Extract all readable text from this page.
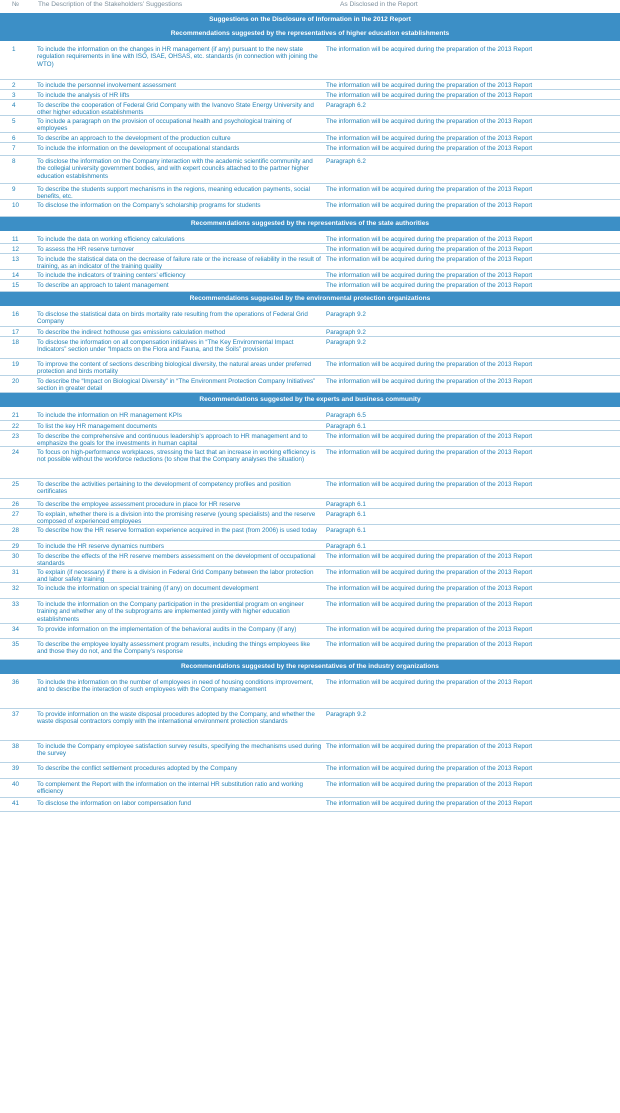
№	The Description of the Stakeholders’ Suggestions	As Disclosed in the Report
Suggestions on the Disclosure of Information in the 2012 Report
Recommendations suggested by the representatives of higher education establishments
1	To include the information on the changes in HR management (if any) pursuant to the new state regulation requirements in line with ISO, ISAE, OHSAS, etc. standards (in connection with joining the WTO)
The information will be acquired during the preparation of the 2013 Report
2	To include the personnel involvement assessment	The information will be acquired during the preparation of the 2013 Report
3	To include the analysis of HR lifts	The information will be acquired during the preparation of the 2013 Report
4	To describe the cooperation of Federal Grid Company with the Ivanovo State Energy University and other higher education establishments
Paragraph 6.2
5	To include a paragraph on the provision of occupational health and psychological training of employees
The information will be acquired during the preparation of the 2013 Report
6	To describe an approach to the development of the production culture	The information will be acquired during the preparation of the 2013 Report
7	To include the information on the development of occupational standards	The information will be acquired during the preparation of the 2013 Report
8	To disclose the information on the Company interaction with the academic scientific community and the collegial university government bodies, and with expert councils attached to the partner higher education establishments
Paragraph 6.2
9	To describe the students support mechanisms in the regions, meaning education payments, social benefits, etc.
The information will be acquired during the preparation of the 2013 Report
10	To disclose the information on the Company’s scholarship programs for students	The information will be acquired during the preparation of the 2013 Report
Recommendations suggested by the representatives of the state authorities
11	To include the data on working efficiency calculations	The information will be acquired during the preparation of the 2013 Report
12	To assess the HR reserve turnover	The information will be acquired during the preparation of the 2013 Report
13	To include the statistical data on the decrease of failure rate or the increase of reliability in the result of training, as an indicator of the training quality
The information will be acquired during the preparation of the 2013 Report
14	To include the indicators of training centers’ efficiency	The information will be acquired during the preparation of the 2013 Report
15	To describe an approach to talent management	The information will be acquired during the preparation of the 2013 Report
Recommendations suggested by the environmental protection organizations
16	To disclose the statistical data on birds mortality rate resulting from the operations of Federal Grid Company
Paragraph 9.2
17	To describe the indirect hothouse gas emissions calculation method	Paragraph 9.2
18	To disclose the information on all compensation initiatives in “The Key Environmental Impact Indicators” section under “Impacts on the Flora and Fauna, and the Soils” provision
Paragraph 9.2
19	To improve the content of sections describing biological diversity, the natural areas under preferred protection and birds mortality
The information will be acquired during the preparation of the 2013 Report
20	To describe the “Impact on Biological Diversity” in “The Environment Protection Company Initiatives” section in greater detail
The information will be acquired during the preparation of the 2013 Report
Recommendations suggested by the experts and business community
21	To include the information on HR management KPIs	Paragraph 6.5
22	To list the key HR management documents	Paragraph 6.1
23	To describe the comprehensive and continuous leadership’s approach to HR management and to emphasize the goals for the investments in human capital
The information will be acquired during the preparation of the 2013 Report
24	To focus on high-performance workplaces, stressing the fact that an increase in working efficiency is not possible without the workforce reductions (to show that the Company analyses the situation)
The information will be acquired during the preparation of the 2013 Report
25	To describe the activities pertaining to the development of competency profiles and position certificates
The information will be acquired during the preparation of the 2013 Report
26	To describe the employee assessment procedure in place for HR reserve	Paragraph 6.1
27	To explain, whether there is a division into the promising reserve (young specialists) and the reserve composed of experienced employees
Paragraph 6.1
28	To describe how the HR reserve formation experience acquired in the past (from 2006) is used today	Paragraph 6.1
29	To include the HR reserve dynamics numbers	Paragraph 6.1
30	To describe the effects of the HR reserve members assessment on the development of occupational standards
The information will be acquired during the preparation of the 2013 Report
31	To explain (if necessary) if there is a division in Federal Grid Company between the labor protection and labor safety training
The information will be acquired during the preparation of the 2013 Report
32	To include the information on special training (if any) on document development	The information will be acquired during the preparation of the 2013 Report
33	To include the information on the Company participation in the presidential program on engineer training and whether any of the subprograms are implemented jointly with higher education establishments
The information will be acquired during the preparation of the 2013 Report
34	To provide information on the implementation of the behavioral audits in the Company (if any)	The information will be acquired during the preparation of the 2013 Report
35	To describe the employee loyalty assessment program results, including the things employees like and those they do not, and the Company’s response
The information will be acquired during the preparation of the 2013 Report
Recommendations suggested by the representatives of the industry organizations
36	To include the information on the number of employees in need of housing conditions improvement, and to describe the interaction of such employees with the Company management
The information will be acquired during the preparation of the 2013 Report
37	To provide information on the waste disposal procedures adopted by the Company, and whether the waste disposal contractors comply with the international environment protection standards
Paragraph 9.2
38	To include the Company employee satisfaction survey results, specifying the mechanisms used during the survey
The information will be acquired during the preparation of the 2013 Report
39	To describe the conflict settlement procedures adopted by the Company	The information will be acquired during the preparation of the 2013 Report
40	To complement the Report with the information on the internal HR substitution ratio and working efficiency
The information will be acquired during the preparation of the 2013 Report
41	To disclose the information on labor compensation fund	The information will be acquired during the preparation of the 2013 Report
